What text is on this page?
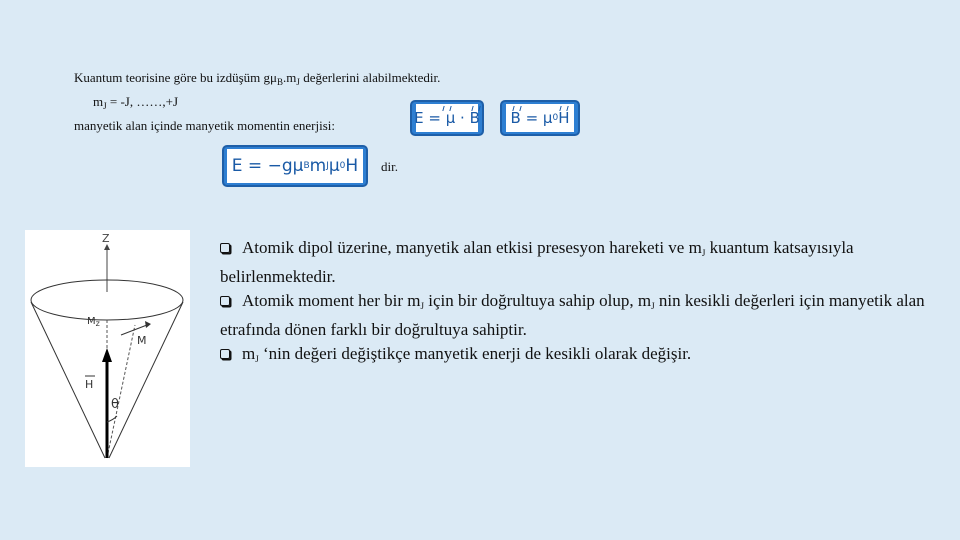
Kuantum teorisine göre bu izdüşüm $g\mu_B.m_J$ değerlerini alabilmektedir.
$m_J = -J$, ……,+J
manyetik alan içinde manyetik momentin enerjisi:	E = μ · B B = μ 0 H
E = −gμ B m J μ 0 H	dir.
Z
M
$M_z$
H
θ

Atomik dipol üzerine, manyetik alan etkisi presesyon hareketi ve $m_J$ kuantum katsayısıyla belirlenmektedir.

Atomik moment her bir $m_J$ için bir doğrultuya sahip olup, $m_J$ nin kesikli değerleri için manyetik alan etrafında dönen farklı bir doğrultuya sahiptir.

$m_J$ ‘nin değeri değiştikçe manyetik enerji de kesikli olarak değişir.
